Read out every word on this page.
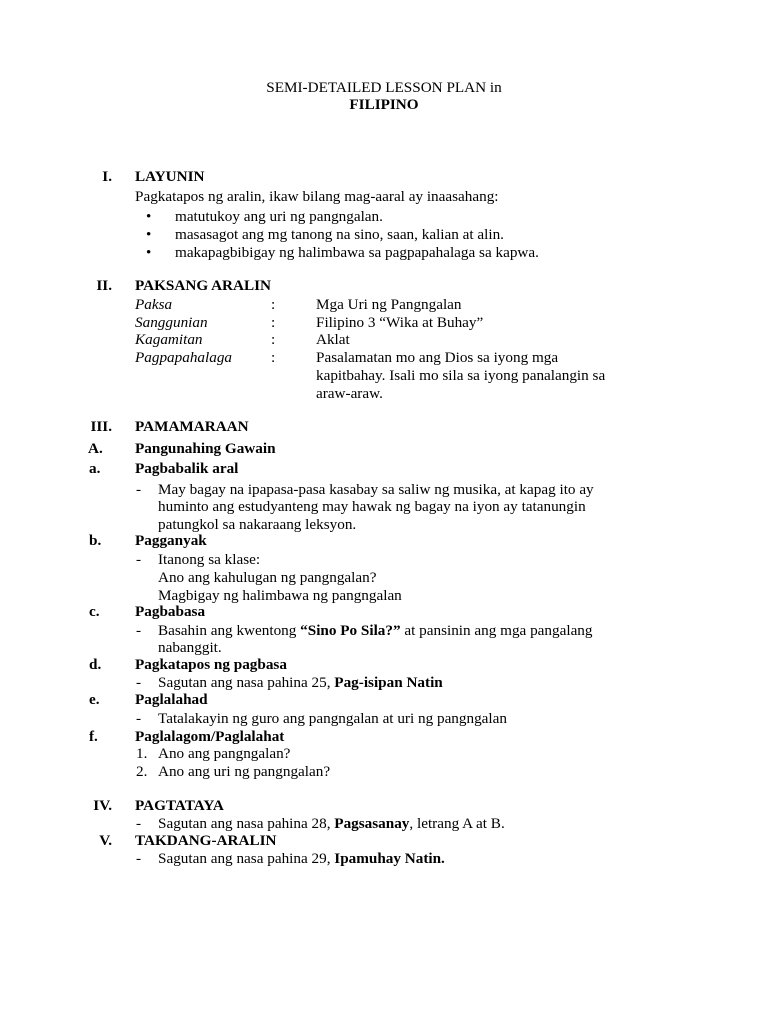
SEMI-DETAILED LESSON PLAN in
FILIPINO
I. LAYUNIN
Pagkatapos ng aralin, ikaw bilang mag-aaral ay inaasahang:
• matutukoy ang uri ng pangngalan.
• masasagot ang mg tanong na sino, saan, kalian at alin.
• makapagbibigay ng halimbawa sa pagpapahalaga sa kapwa.
II. PAKSANG ARALIN
Paksa	:	Mga Uri ng Pangngalan
Sanggunian	:	Filipino 3 “Wika at Buhay”
Kagamitan	:	Aklat
Pagpapahalaga	:	Pasalamatan mo ang Dios sa iyong mga
kapitbahay. Isali mo sila sa iyong panalangin sa
araw-araw.
III. PAMAMARAAN
A. Pangunahing Gawain
a. Pagbabalik aral
- May bagay na ipapasa-pasa kasabay sa saliw ng musika, at kapag ito ay
huminto ang estudyanteng may hawak ng bagay na iyon ay tatanungin
patungkol sa nakaraang leksyon.
b. Pagganyak
- Itanong sa klase:
Ano ang kahulugan ng pangngalan?
Magbigay ng halimbawa ng pangngalan
c. Pagbabasa
- Basahin ang kwentong “Sino Po Sila?” at pansinin ang mga pangalang
nabanggit.
d. Pagkatapos ng pagbasa
- Sagutan ang nasa pahina 25, Pag-isipan Natin
e. Paglalahad
- Tatalakayin ng guro ang pangngalan at uri ng pangngalan
f. Paglalagom/Paglalahat
1. Ano ang pangngalan?
2. Ano ang uri ng pangngalan?
IV. PAGTATAYA
- Sagutan ang nasa pahina 28, Pagsasanay, letrang A at B.
V. TAKDANG-ARALIN
- Sagutan ang nasa pahina 29, Ipamuhay Natin.
